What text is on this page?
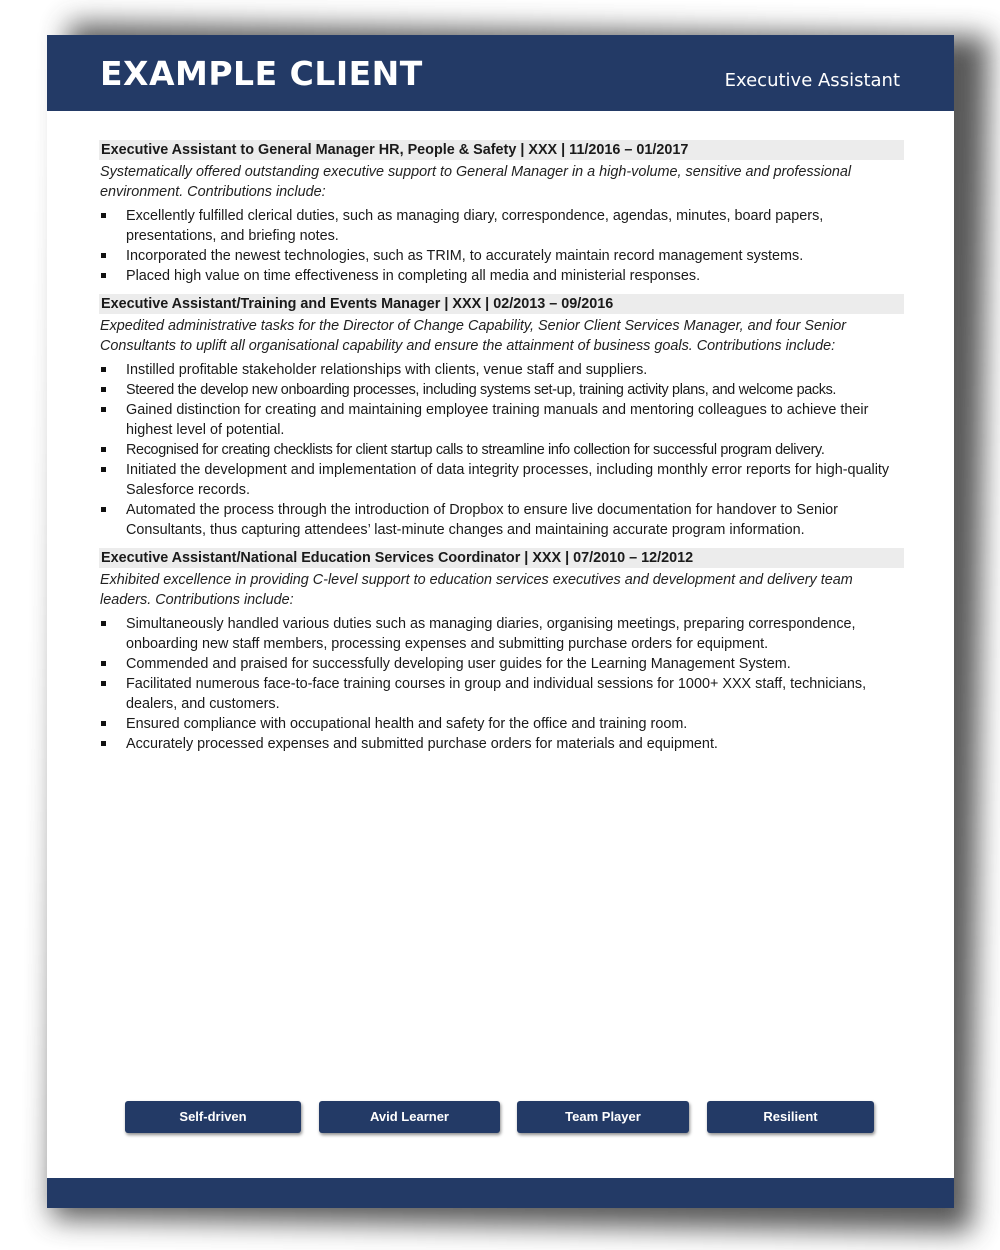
EXAMPLE CLIENT	Executive Assistant
Executive Assistant to General Manager HR, People & Safety | XXX | 11/2016 – 01/2017
Systematically offered outstanding executive support to General Manager in a high-volume, sensitive and professional environment. Contributions include:
Excellently fulfilled clerical duties, such as managing diary, correspondence, agendas, minutes, board papers, presentations, and briefing notes.
Incorporated the newest technologies, such as TRIM, to accurately maintain record management systems.
Placed high value on time effectiveness in completing all media and ministerial responses.
Executive Assistant/Training and Events Manager | XXX | 02/2013 – 09/2016
Expedited administrative tasks for the Director of Change Capability, Senior Client Services Manager, and four Senior Consultants to uplift all organisational capability and ensure the attainment of business goals. Contributions include:
Instilled profitable stakeholder relationships with clients, venue staff and suppliers.
Steered the develop new onboarding processes, including systems set-up, training activity plans, and welcome packs.
Gained distinction for creating and maintaining employee training manuals and mentoring colleagues to achieve their highest level of potential.
Recognised for creating checklists for client startup calls to streamline info collection for successful program delivery.
Initiated the development and implementation of data integrity processes, including monthly error reports for high-quality Salesforce records.
Automated the process through the introduction of Dropbox to ensure live documentation for handover to Senior Consultants, thus capturing attendees’ last-minute changes and maintaining accurate program information.
Executive Assistant/National Education Services Coordinator | XXX | 07/2010 – 12/2012
Exhibited excellence in providing C-level support to education services executives and development and delivery team leaders. Contributions include:
Simultaneously handled various duties such as managing diaries, organising meetings, preparing correspondence, onboarding new staff members, processing expenses and submitting purchase orders for equipment.
Commended and praised for successfully developing user guides for the Learning Management System.
Facilitated numerous face-to-face training courses in group and individual sessions for 1000+ XXX staff, technicians, dealers, and customers.
Ensured compliance with occupational health and safety for the office and training room.
Accurately processed expenses and submitted purchase orders for materials and equipment.
Self-driven	Avid Learner	Team Player	Resilient
